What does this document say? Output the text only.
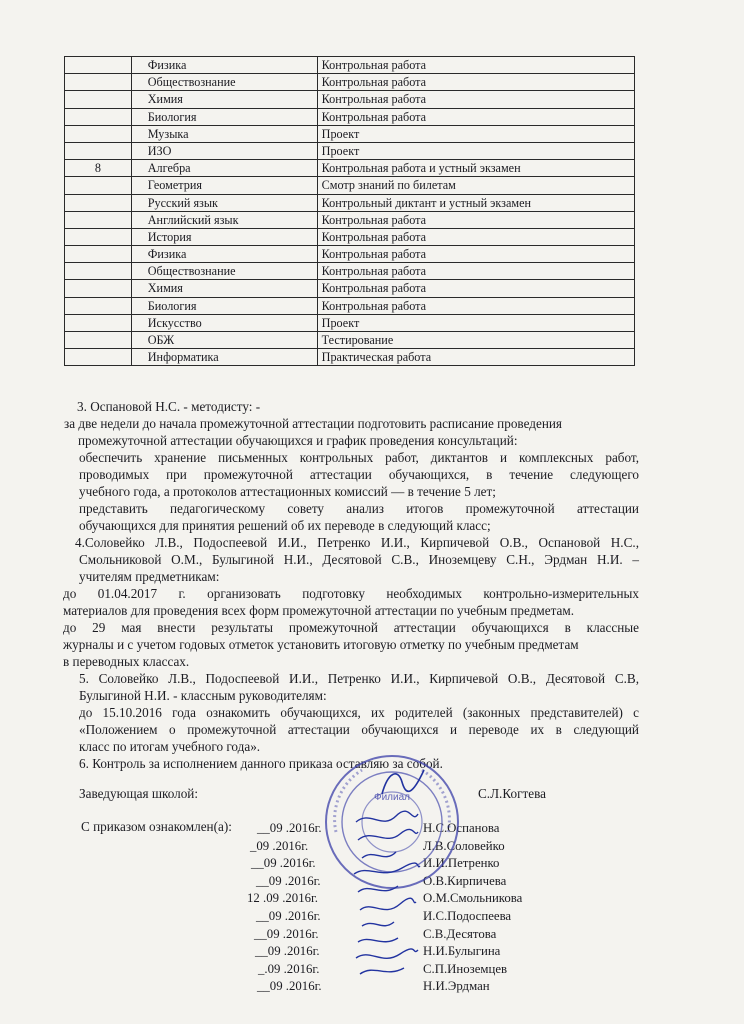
	Физика	Контрольная работа
	Обществознание	Контрольная работа
	Химия	Контрольная работа
	Биология	Контрольная работа
	Музыка	Проект
	ИЗО	Проект
8	Алгебра	Контрольная работа и устный экзамен
	Геометрия	Смотр знаний по билетам
	Русский язык	Контрольный диктант и устный экзамен
	Английский язык	Контрольная работа
	История	Контрольная работа
	Физика	Контрольная работа
	Обществознание	Контрольная работа
	Химия	Контрольная работа
	Биология	Контрольная работа
	Искусство	Проект
	ОБЖ	Тестирование
	Информатика	Практическая работа
3. Оспановой Н.С. - методисту: -
за две недели до начала промежуточной аттестации подготовить расписание проведения
промежуточной аттестации обучающихся и график проведения консультаций:
обеспечить хранение письменных контрольных работ, диктантов и комплексных работ,
проводимых при промежуточной аттестации обучающихся, в течение следующего
учебного года, а протоколов аттестационных комиссий — в течение 5 лет;
представить педагогическому совету анализ итогов промежуточной аттестации
обучающихся для принятия решений об их переводе в следующий класс;
4.Соловейко Л.В., Подоспеевой И.И., Петренко И.И., Кирпичевой О.В., Оспановой Н.С.,
Смольниковой О.М., Булыгиной Н.И., Десятовой С.В., Иноземцеву С.Н., Эрдман Н.И. –
учителям предметникам:
до 01.04.2017 г. организовать подготовку необходимых контрольно-измерительных
материалов для проведения всех форм промежуточной аттестации по учебным предметам.
до 29 мая внести результаты промежуточной аттестации обучающихся в классные
журналы и с учетом годовых отметок установить итоговую отметку по учебным предметам
в переводных классах.
5. Соловейко Л.В., Подоспеевой И.И., Петренко И.И., Кирпичевой О.В., Десятовой С.В,
Булыгиной Н.И. - классным руководителям:
до 15.10.2016 года ознакомить обучающихся, их родителей (законных представителей) с
«Положением о промежуточной аттестации обучающихся и переводе их в следующий
класс по итогам учебного года».
6. Контроль за исполнением данного приказа оставляю за собой.
Заведующая школой:	С.Л.Когтева
С приказом ознакомлен(а): __09 .2016г.	Н.С.Оспанова
_09 .2016г.	Л.В.Соловейко
__09 .2016г.	И.И.Петренко
__09 .2016г.	О.В.Кирпичева
12 .09 .2016г.	О.М.Смольникова
__09 .2016г.	И.С.Подоспеева
__09 .2016г.	С.В.Десятова
__09 .2016г.	Н.И.Булыгина
_.09 .2016г.	С.П.Иноземцев
__09 .2016г.	Н.И.Эрдман
Филиал
